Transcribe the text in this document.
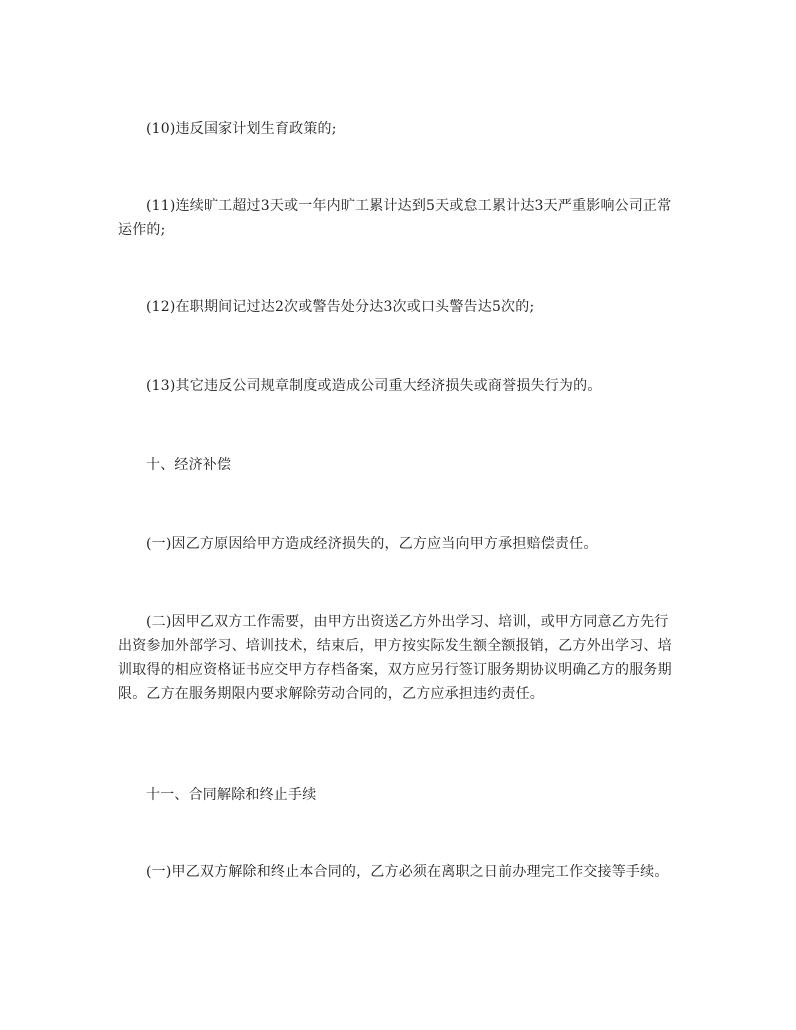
(10)违反国家计划生育政策的;

(11)连续旷工超过3天或一年内旷工累计达到5天或怠工累计达3天严重影响公司正常运作的;

(12)在职期间记过达2次或警告处分达3次或口头警告达5次的;

(13)其它违反公司规章制度或造成公司重大经济损失或商誉损失行为的。

十、经济补偿

(一)因乙方原因给甲方造成经济损失的，乙方应当向甲方承担赔偿责任。

(二)因甲乙双方工作需要，由甲方出资送乙方外出学习、培训，或甲方同意乙方先行出资参加外部学习、培训技术，结束后，甲方按实际发生额全额报销，乙方外出学习、培训取得的相应资格证书应交甲方存档备案，双方应另行签订服务期协议明确乙方的服务期限。乙方在服务期限内要求解除劳动合同的，乙方应承担违约责任。

十一、合同解除和终止手续

(一)甲乙双方解除和终止本合同的，乙方必须在离职之日前办理完工作交接等手续。
